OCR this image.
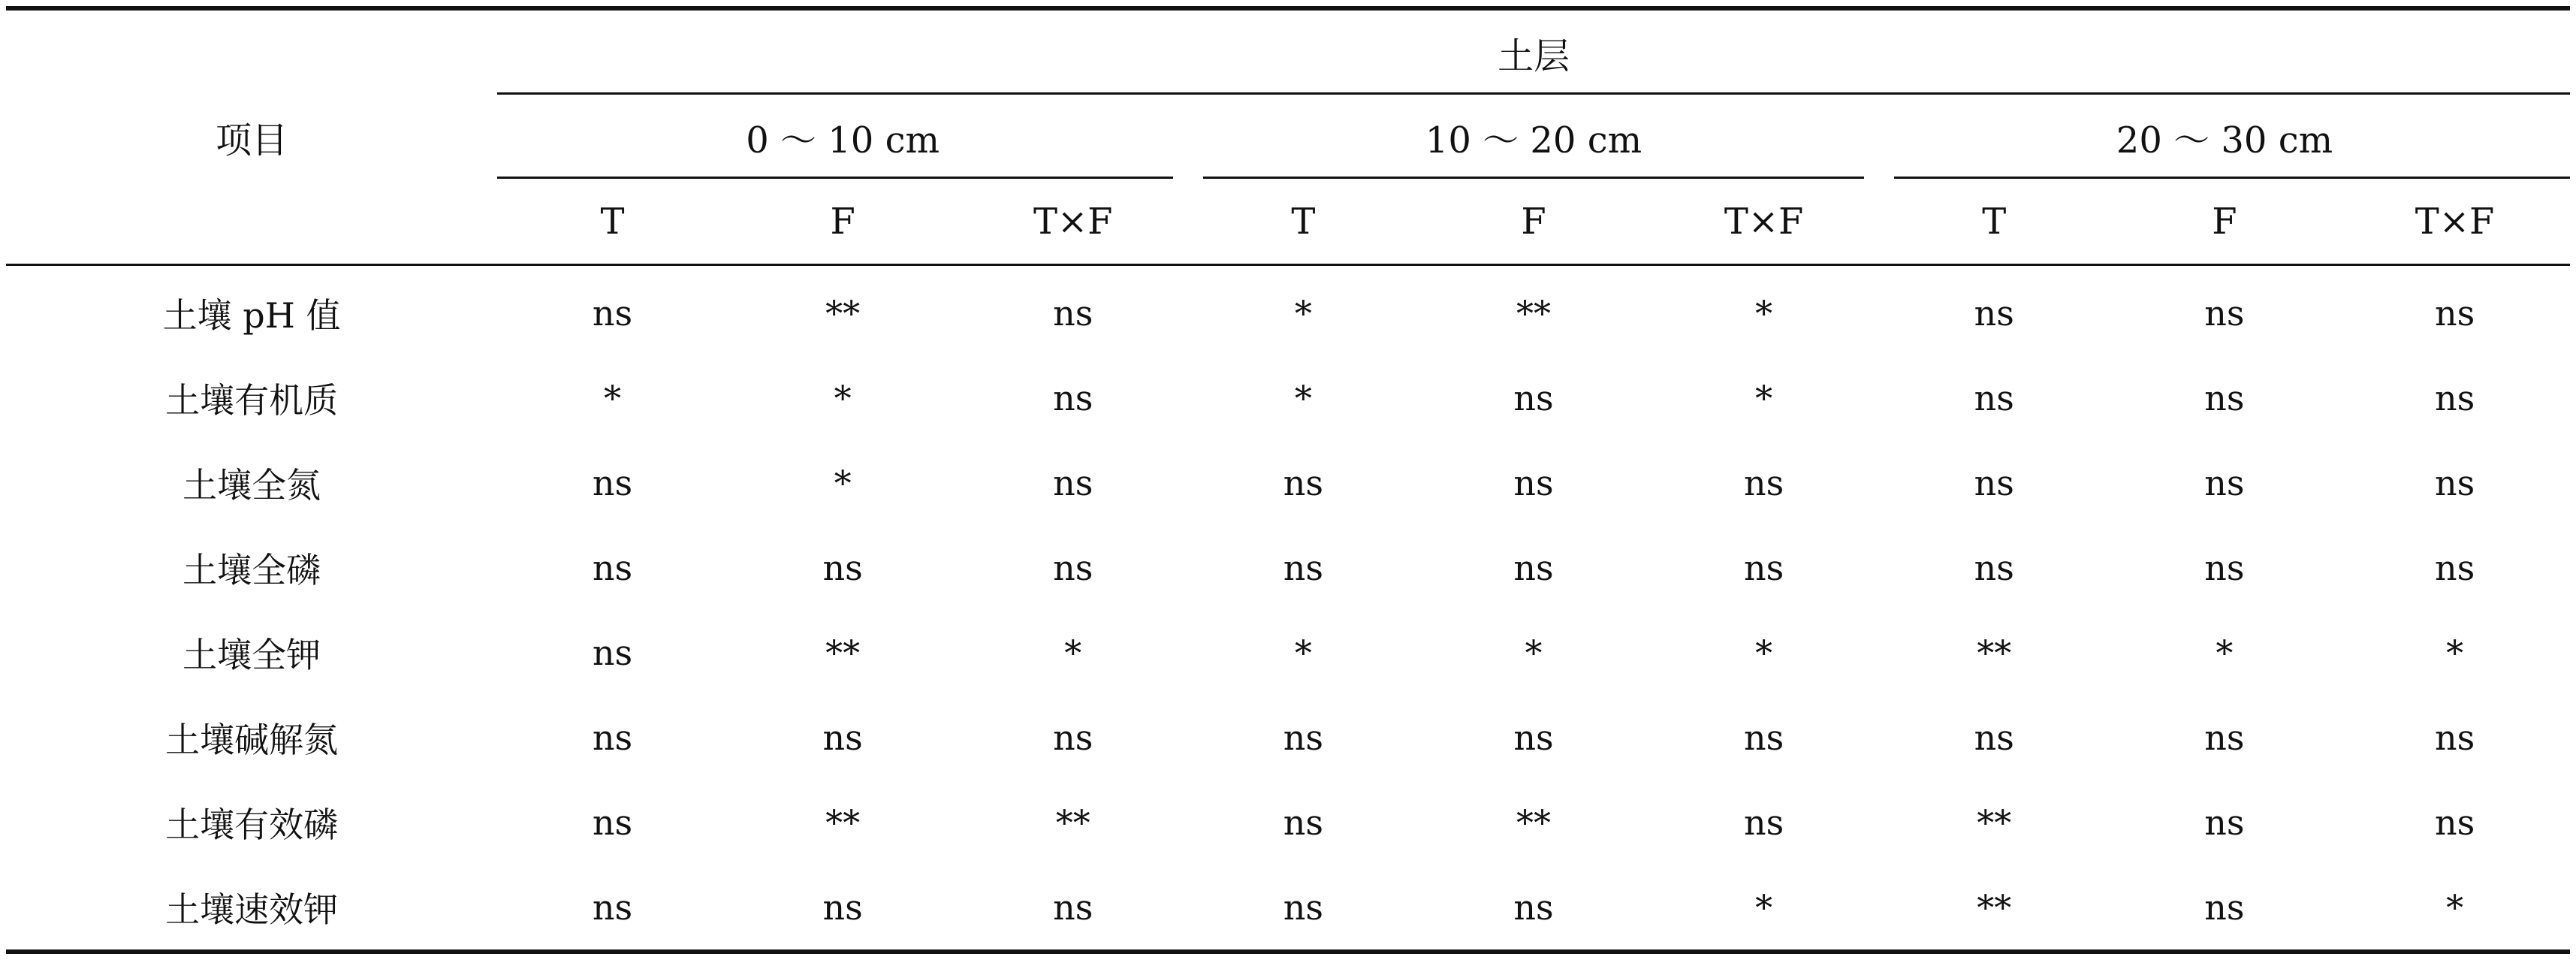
项目	土层								
	0 ～ 10 cm			10 ～ 20 cm			20 ～ 30 cm		
	T	F	T×F	T	F	T×F	T	F	T×F
土壤 pH 值	ns	**	ns	*	**	*	ns	ns	ns
土壤有机质	*	*	ns	*	ns	*	ns	ns	ns
土壤全氮	ns	*	ns	ns	ns	ns	ns	ns	ns
土壤全磷	ns	ns	ns	ns	ns	ns	ns	ns	ns
土壤全钾	ns	**	*	*	*	*	**	*	*
土壤碱解氮	ns	ns	ns	ns	ns	ns	ns	ns	ns
土壤有效磷	ns	**	**	ns	**	ns	**	ns	ns
土壤速效钾	ns	ns	ns	ns	ns	*	**	ns	*
